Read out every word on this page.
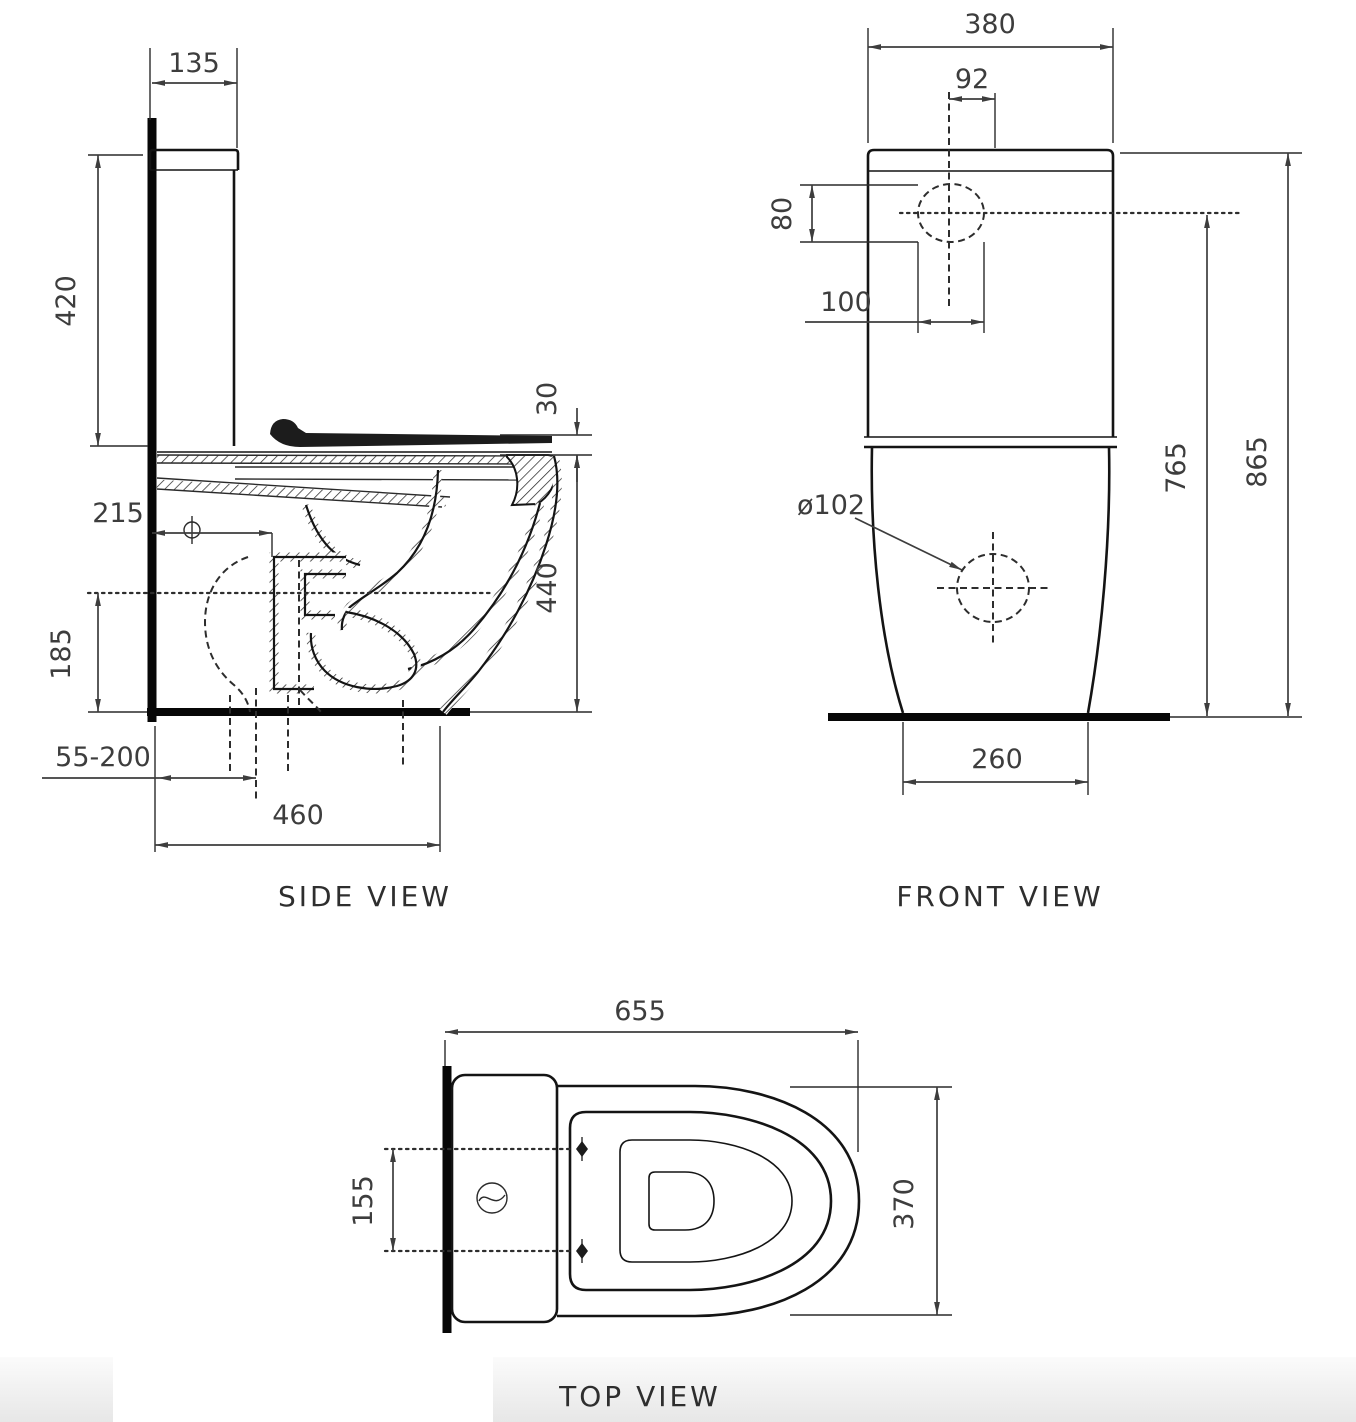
135
420
30
440
215
185
55-200
460
SIDE VIEW
380
92
80
100
865
765
ø102
260
FRONT VIEW
655
155	370
TOP VIEW
